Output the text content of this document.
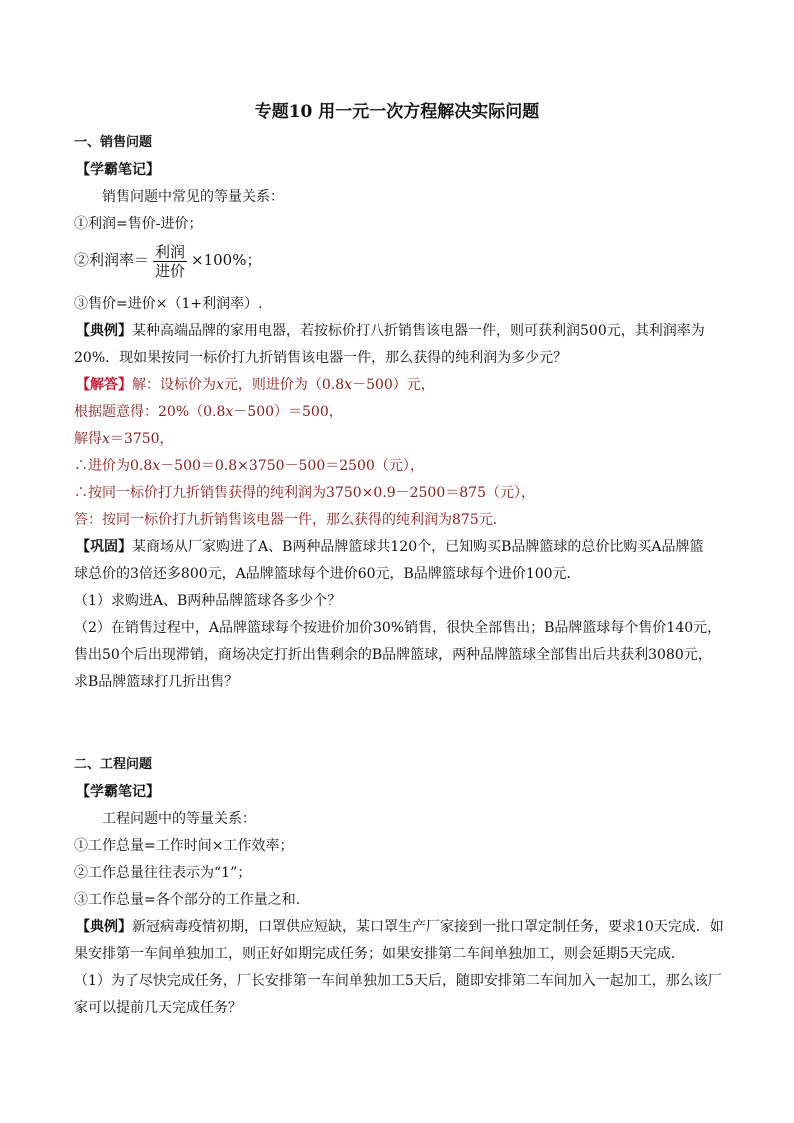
专题10 用一元一次方程解决实际问题
一、销售问题
【学霸笔记】
销售问题中常见的等量关系：
①利润=售价-进价；
②利润率＝ $\frac{\text{利润}}{\text{进价}} \times 100\%$；
③售价=进价×（1+利润率）.
【典例】某种高端品牌的家用电器，若按标价打八折销售该电器一件，则可获利润500元，其利润率为
20%．现如果按同一标价打九折销售该电器一件，那么获得的纯利润为多少元？
【解答】解：设标价为x元，则进价为（0.8x－500）元，
根据题意得：20%（0.8x－500）＝500，
解得x＝3750，
∴进价为0.8x－500＝0.8×3750－500＝2500（元），
∴按同一标价打九折销售获得的纯利润为3750×0.9－2500＝875（元），
答：按同一标价打九折销售该电器一件，那么获得的纯利润为875元．
【巩固】某商场从厂家购进了A、B两种品牌篮球共120个，已知购买B品牌篮球的总价比购买A品牌篮
球总价的3倍还多800元，A品牌篮球每个进价60元，B品牌篮球每个进价100元．
（1）求购进A、B两种品牌篮球各多少个？
（2）在销售过程中，A品牌篮球每个按进价加价30%销售，很快全部售出；B品牌篮球每个售价140元，
售出50个后出现滞销，商场决定打折出售剩余的B品牌篮球，两种品牌篮球全部售出后共获利3080元，
求B品牌篮球打几折出售？
二、工程问题
【学霸笔记】
工程问题中的等量关系：
①工作总量=工作时间×工作效率；
②工作总量往往表示为“1”；
③工作总量=各个部分的工作量之和.
【典例】新冠病毒疫情初期，口罩供应短缺，某口罩生产厂家接到一批口罩定制任务，要求10天完成．如
果安排第一车间单独加工，则正好如期完成任务；如果安排第二车间单独加工，则会延期5天完成．
（1）为了尽快完成任务，厂长安排第一车间单独加工5天后，随即安排第二车间加入一起加工，那么该厂
家可以提前几天完成任务？
